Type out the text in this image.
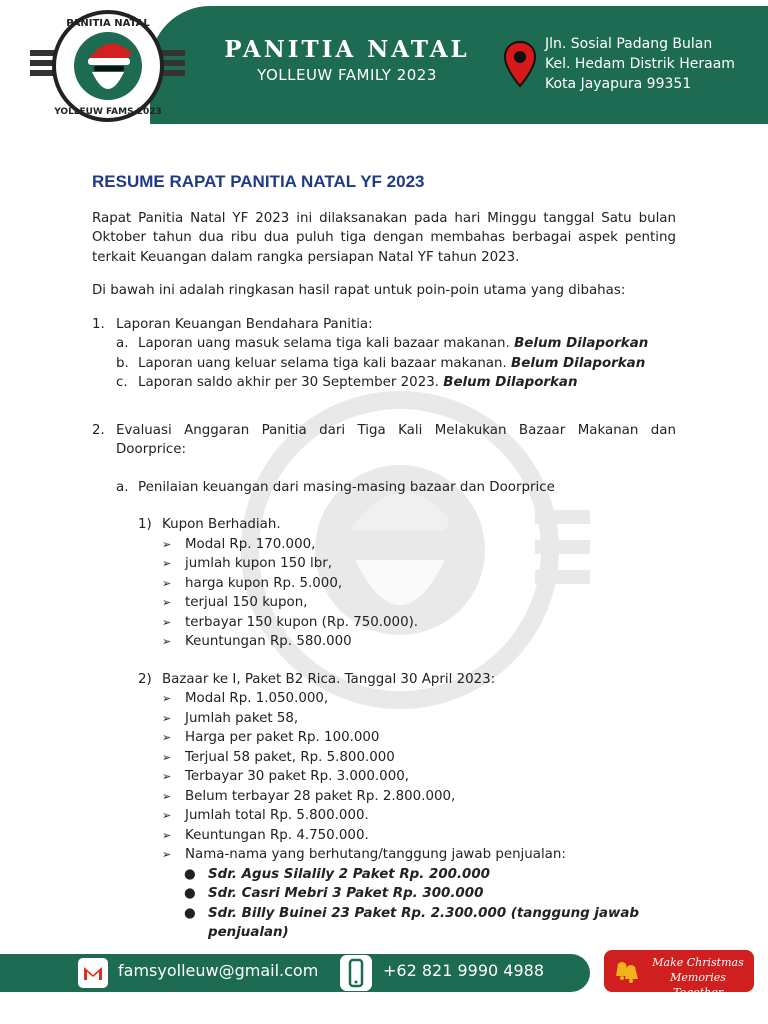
PANITIA NATAL
YOLLEUW FAMS 2023
PANITIA NATAL
YOLLEUW FAMILY 2023
Jln. Sosial Padang Bulan
Kel. Hedam Distrik Heraam
Kota Jayapura 99351
RESUME RAPAT PANITIA NATAL YF 2023

Rapat Panitia Natal YF 2023 ini dilaksanakan pada hari Minggu tanggal Satu bulan Oktober tahun dua ribu dua puluh tiga dengan membahas berbagai aspek penting terkait Keuangan dalam rangka persiapan Natal YF tahun 2023.

Di bawah ini adalah ringkasan hasil rapat untuk poin-poin utama yang dibahas:

1. Laporan Keuangan Bendahara Panitia:
a. Laporan uang masuk selama tiga kali bazaar makanan. Belum Dilaporkan
b. Laporan uang keluar selama tiga kali bazaar makanan. Belum Dilaporkan
c. Laporan saldo akhir per 30 September 2023. Belum Dilaporkan
2. Evaluasi Anggaran Panitia dari Tiga Kali Melakukan Bazaar Makanan dan Doorprice:
a. Penilaian keuangan dari masing-masing bazaar dan Doorprice
1) Kupon Berhadiah.
➢	Modal Rp. 170.000,
➢	jumlah kupon 150 lbr,
➢	harga kupon Rp. 5.000,
➢	terjual 150 kupon,
➢	terbayar 150 kupon (Rp. 750.000).
➢	Keuntungan Rp. 580.000
2) Bazaar ke I, Paket B2 Rica. Tanggal 30 April 2023:
➢	Modal Rp. 1.050.000,
➢	Jumlah paket 58,
➢	Harga per paket Rp. 100.000
➢	Terjual 58 paket, Rp. 5.800.000
➢	Terbayar 30 paket Rp. 3.000.000,
➢	Belum terbayar 28 paket Rp. 2.800.000,
➢	Jumlah total Rp. 5.800.000.
➢	Keuntungan Rp. 4.750.000.
➢	Nama-nama yang berhutang/tanggung jawab penjualan:
● Sdr. Agus Silalily 2 Paket Rp. 200.000
● Sdr. Casri Mebri 3 Paket Rp. 300.000
● Sdr. Billy Buinei 23 Paket Rp. 2.300.000 (tanggung jawab penjualan)
famsyolleuw@gmail.com	+62 821 9990 4988	Make Christmas
Memories Together
